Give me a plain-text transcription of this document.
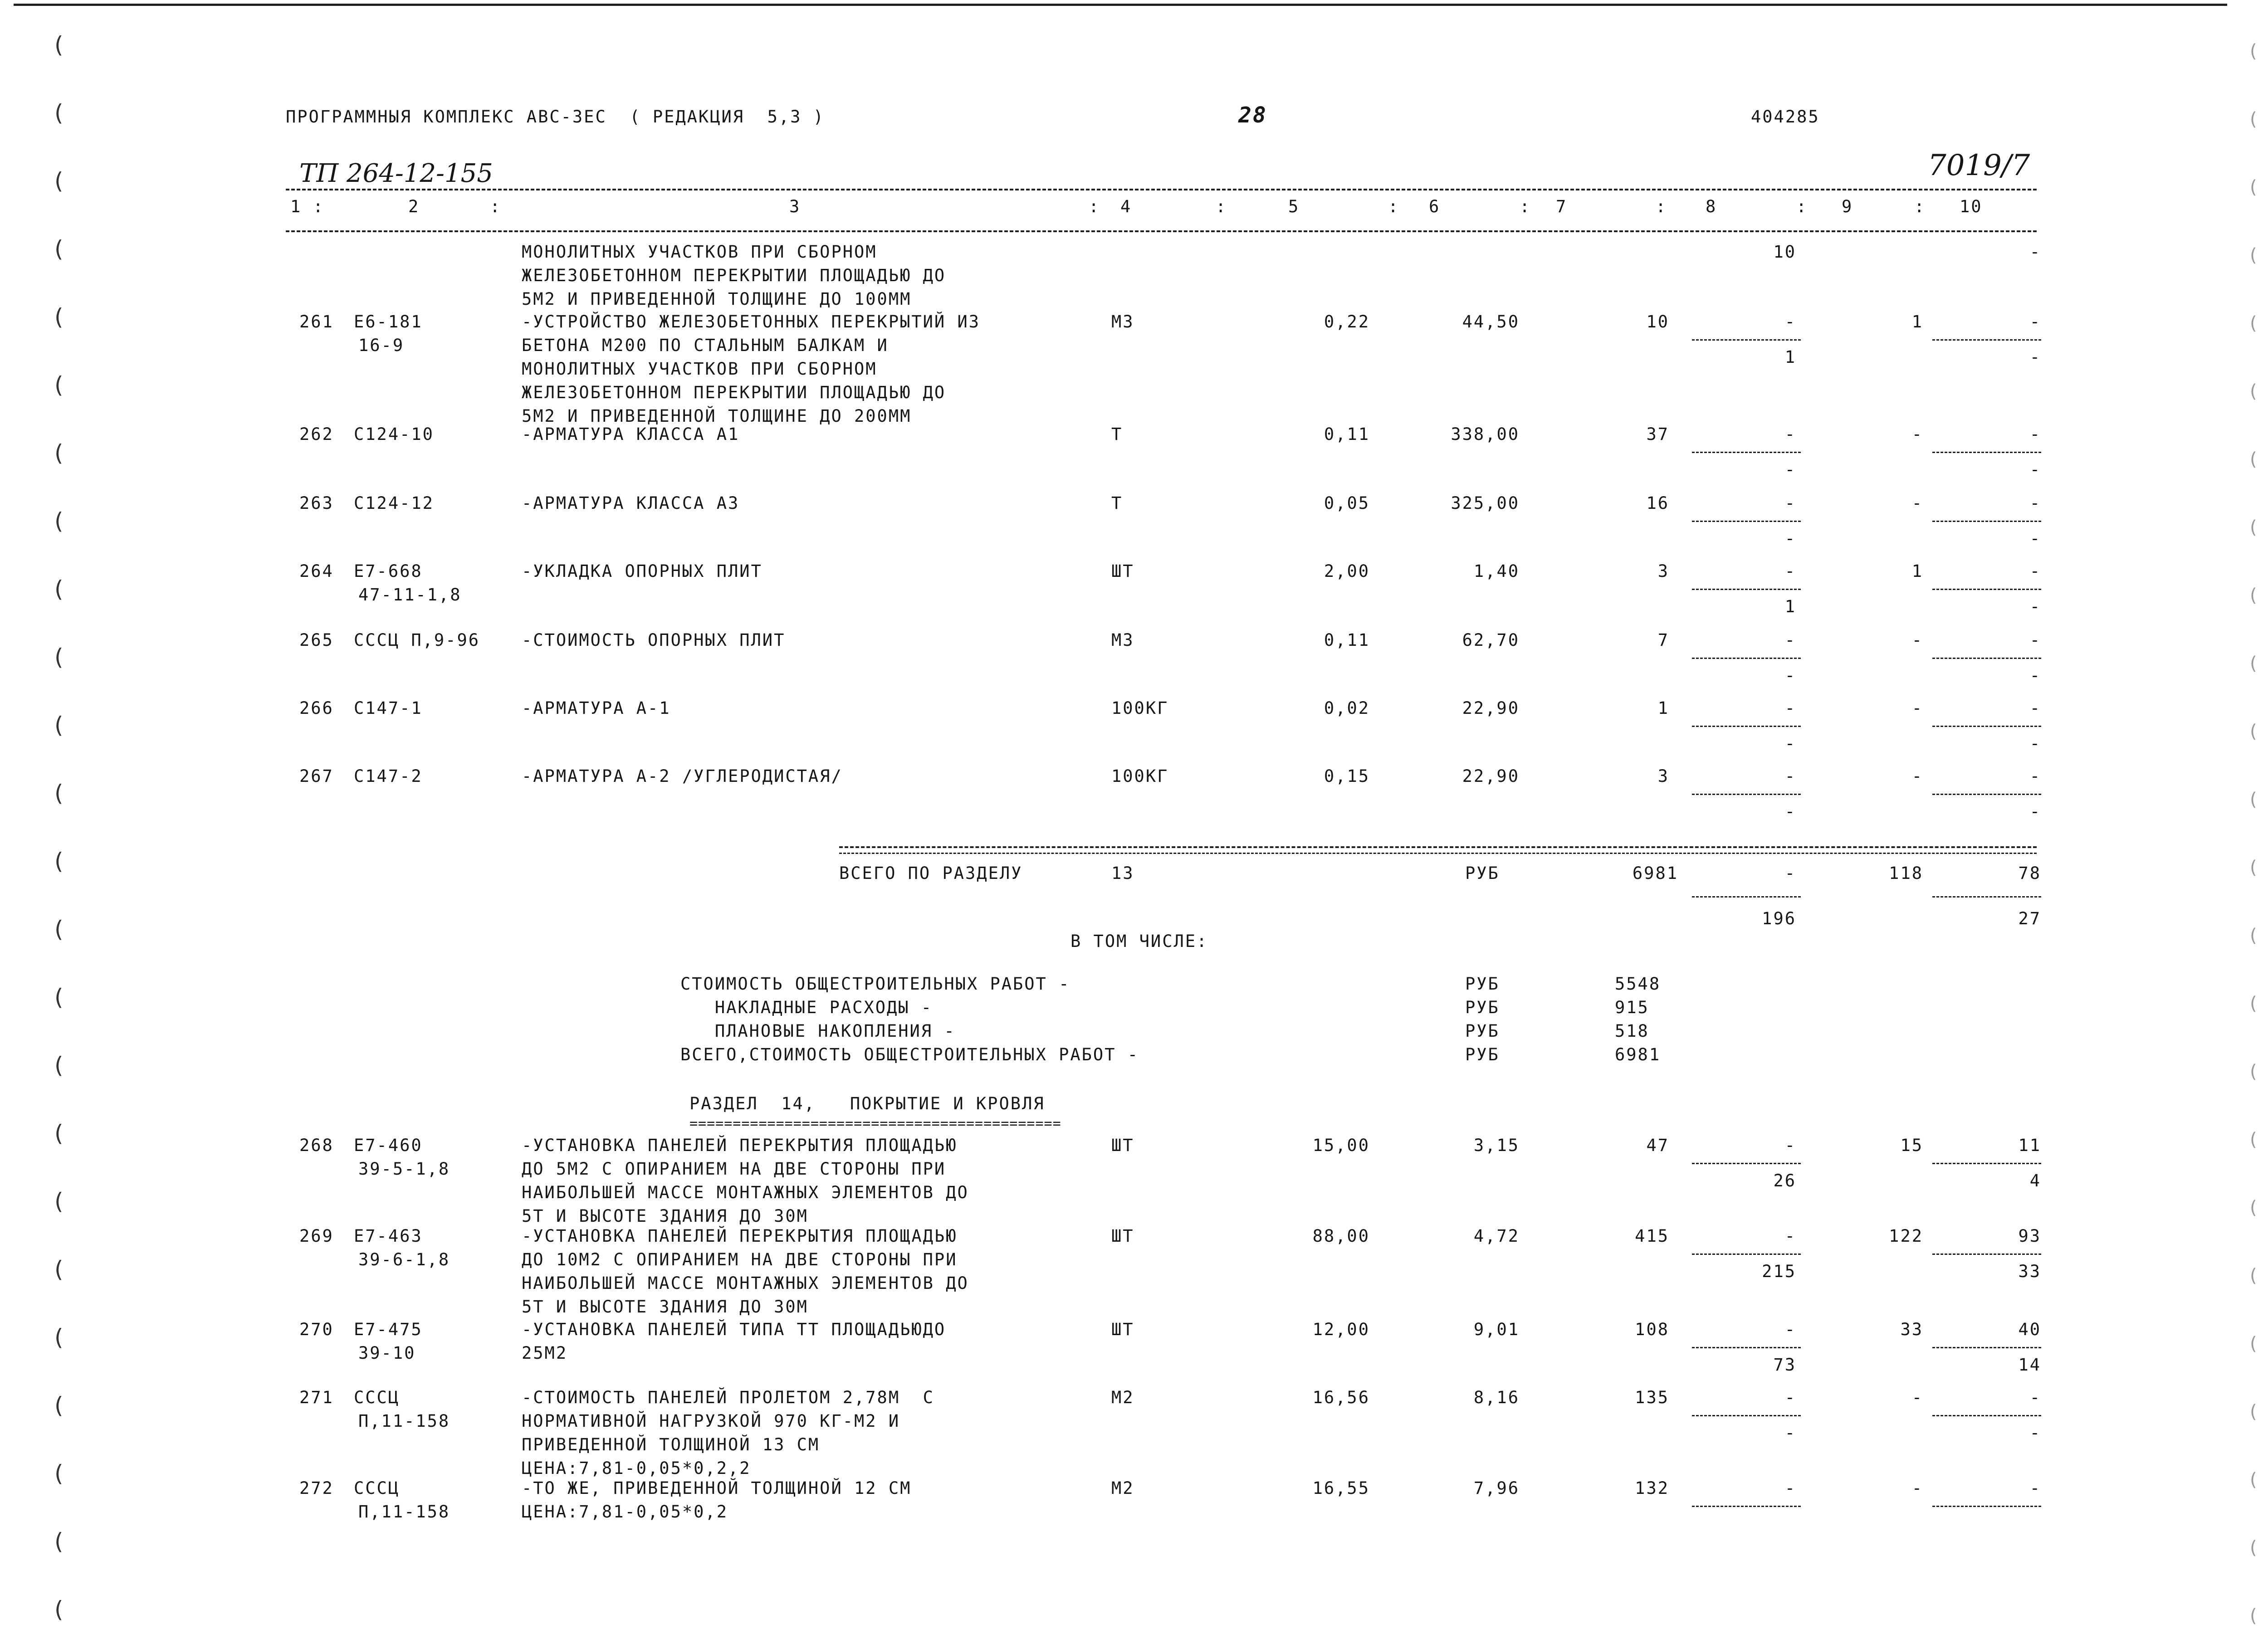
ПРОГРАММНЫЯ КОМПЛЕКС АВС-3ЕС  ( РЕДАКЦИЯ  5,3 )	28	404285
ТП 264-12-155	7019/7
1 :	2	:	3	: 4	:	5	: 6	: 7	: 8	: 9	: 10
МОНОЛИТНЫХ УЧАСТКОВ ПРИ СБОРНОМ
ЖЕЛЕЗОБЕТОННОМ ПЕРЕКРЫТИИ ПЛОЩАДЬЮ ДО
5М2 И ПРИВЕДЕННОЙ ТОЛЩИНЕ ДО 100ММ
10	-
261 Е6-181
16-9
-УСТРОЙСТВО ЖЕЛЕЗОБЕТОННЫХ ПЕРЕКРЫТИЙ ИЗ
БЕТОНА М200 ПО СТАЛЬНЫМ БАЛКАМ И
МОНОЛИТНЫХ УЧАСТКОВ ПРИ СБОРНОМ
ЖЕЛЕЗОБЕТОННОМ ПЕРЕКРЫТИИ ПЛОЩАДЬЮ ДО
5М2 И ПРИВЕДЕННОЙ ТОЛЩИНЕ ДО 200ММ
М3	0,22	44,50	10	-	1	-
1	-
262 С124-10	-АРМАТУРА КЛАССА А1	Т	0,11	338,00	37	-	-	-
-	-
263 С124-12	-АРМАТУРА КЛАССА А3	Т	0,05	325,00	16	-	-	-
-	-
264 Е7-668
47-11-1,8
-УКЛАДКА ОПОРНЫХ ПЛИТ	ШТ	2,00	1,40	3	-	1	-
1	-
265 СССЦ П,9-96 -СТОИМОСТЬ ОПОРНЫХ ПЛИТ	М3	0,11	62,70	7	-	-	-
-	-
266 С147-1	-АРМАТУРА А-1	100КГ	0,02	22,90	1	-	-	-
-	-
267 С147-2	-АРМАТУРА А-2 /УГЛЕРОДИСТАЯ/	100КГ	0,15	22,90	3	-	-	-
-	-
ВСЕГО ПО РАЗДЕЛУ	13	РУБ	6981	-	118	78
196	27
В ТОМ ЧИСЛЕ:
СТОИМОСТЬ ОБЩЕСТРОИТЕЛЬНЫХ РАБОТ -	РУБ	5548
НАКЛАДНЫЕ РАСХОДЫ -	РУБ	915
ПЛАНОВЫЕ НАКОПЛЕНИЯ -	РУБ	518
ВСЕГО,СТОИМОСТЬ ОБЩЕСТРОИТЕЛЬНЫХ РАБОТ -	РУБ	6981
РАЗДЕЛ  14,   ПОКРЫТИЕ И КРОВЛЯ
===========================================
268 Е7-460
39-5-1,8
-УСТАНОВКА ПАНЕЛЕЙ ПЕРЕКРЫТИЯ ПЛОЩАДЬЮ
ДО 5М2 С ОПИРАНИЕМ НА ДВЕ СТОРОНЫ ПРИ
НАИБОЛЬШЕЙ МАССЕ МОНТАЖНЫХ ЭЛЕМЕНТОВ ДО
5Т И ВЫСОТЕ ЗДАНИЯ ДО 30М
ШТ	15,00	3,15	47	-	15	11
26	4
269 Е7-463
39-6-1,8
-УСТАНОВКА ПАНЕЛЕЙ ПЕРЕКРЫТИЯ ПЛОЩАДЬЮ
ДО 10М2 С ОПИРАНИЕМ НА ДВЕ СТОРОНЫ ПРИ
НАИБОЛЬШЕЙ МАССЕ МОНТАЖНЫХ ЭЛЕМЕНТОВ ДО
5Т И ВЫСОТЕ ЗДАНИЯ ДО 30М
ШТ	88,00	4,72	415	-	122	93
215	33
270 Е7-475
39-10
-УСТАНОВКА ПАНЕЛЕЙ ТИПА ТТ ПЛОЩАДЬЮДО
25М2
ШТ	12,00	9,01	108	-	33	40
73	14
271 СССЦ
П,11-158
-СТОИМОСТЬ ПАНЕЛЕЙ ПРОЛЕТОМ 2,78М  С
НОРМАТИВНОЙ НАГРУЗКОЙ 970 КГ-М2 И
ПРИВЕДЕННОЙ ТОЛЩИНОЙ 13 СМ
ЦЕНА:7,81-0,05*0,2,2
М2	16,56	8,16	135	-	-	-
-	-
272 СССЦ
П,11-158
-ТО ЖЕ, ПРИВЕДЕННОЙ ТОЛЩИНОЙ 12 СМ
ЦЕНА:7,81-0,05*0,2
М2	16,55	7,96	132	-	-	-
(	(
(	(
(	(
(	(
(	(
(	(
(	(
(	(
(	(
(	(
(	(
(	(
(	(
(	(
(	(
(	(
(	(
(	(
(	(
(	(
(	(
(	(
(	(
(	(
